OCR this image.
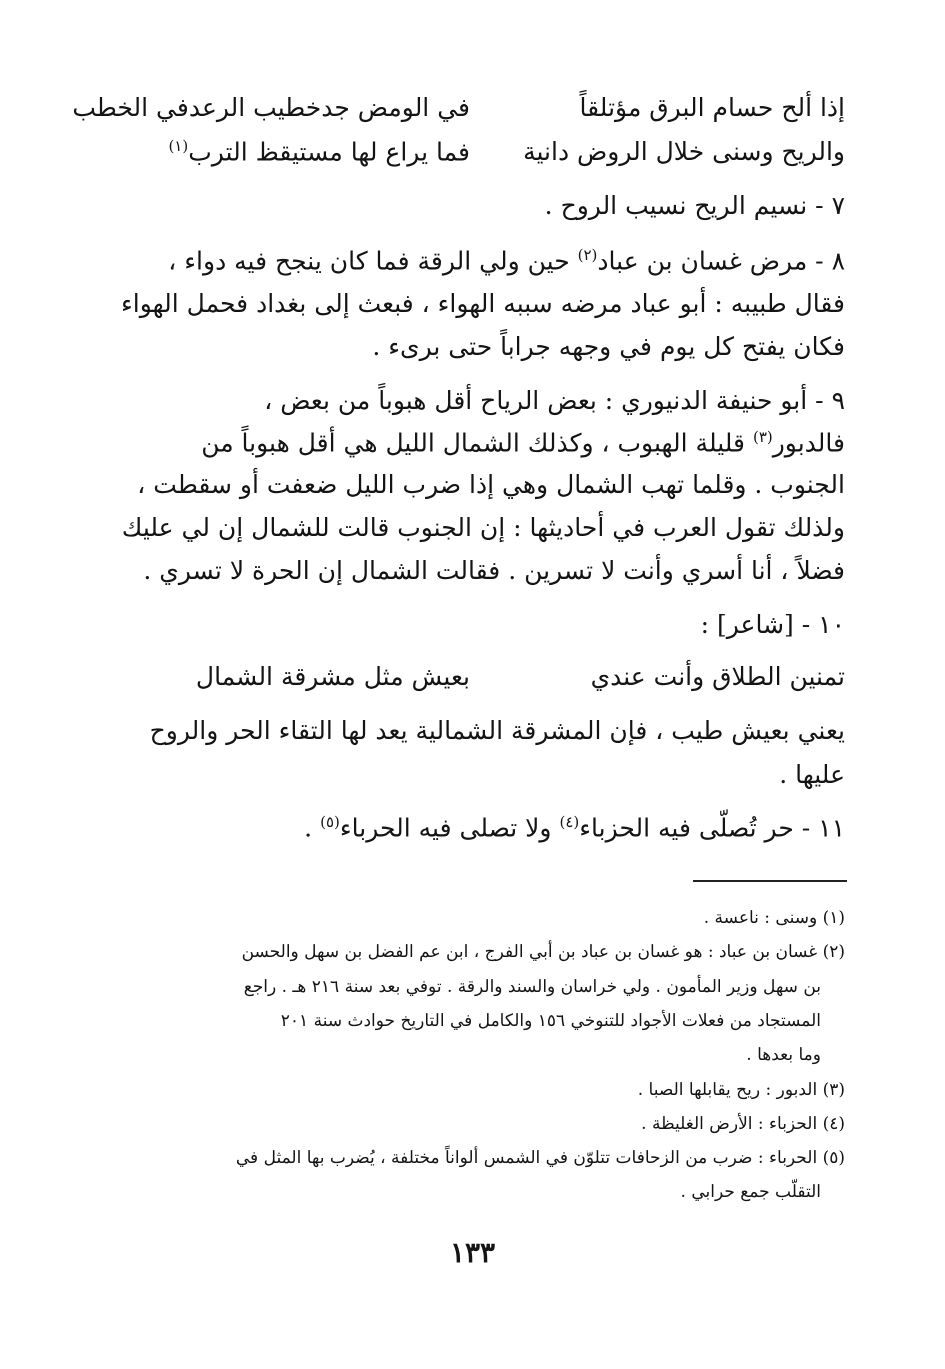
إذا ألح حسام البرق مؤتلقاً
في الومض جدخطيب الرعدفي الخطب
والريح وسنى خلال الروض دانية
فما يراع لها مستيقظ الترب$^{(١)}$
٧ - نسيم الريح نسيب الروح .
٨ - مرض غسان بن عباد$^{(٢)}$ حين ولي الرقة فما كان ينجح فيه دواء ،
فقال طبيبه : أبو عباد مرضه سببه الهواء ، فبعث إلى بغداد فحمل الهواء
فكان يفتح كل يوم في وجهه جراباً حتى برىء .
٩ - أبو حنيفة الدنيوري : بعض الرياح أقل هبوباً من بعض ،
فالدبور$^{(٣)}$ قليلة الهبوب ، وكذلك الشمال الليل هي أقل هبوباً من
الجنوب . وقلما تهب الشمال وهي إذا ضرب الليل ضعفت أو سقطت ،
ولذلك تقول العرب في أحاديثها : إن الجنوب قالت للشمال إن لي عليك
فضلاً ، أنا أسري وأنت لا تسرين . فقالت الشمال إن الحرة لا تسري .
١٠ - [شاعر] :
تمنين الطلاق وأنت عندي
بعيش مثل مشرقة الشمال
يعني بعيش طيب ، فإن المشرقة الشمالية يعد لها التقاء الحر والروح
عليها .
١١ - حر تُصلّى فيه الحزباء$^{(٤)}$ ولا تصلى فيه الحرباء$^{(٥)}$ .
(١) وسنى : ناعسة .
(٢) غسان بن عباد : هو غسان بن عباد بن أبي الفرج ، ابن عم الفضل بن سهل والحسن
بن سهل وزير المأمون . ولي خراسان والسند والرقة . توفي بعد سنة ٢١٦ هـ . راجع
المستجاد من فعلات الأجواد للتنوخي ١٥٦ والكامل في التاريخ حوادث سنة ٢٠١
وما بعدها .
(٣) الدبور : ريح يقابلها الصبا .
(٤) الحزباء : الأرض الغليظة .
(٥) الحرباء : ضرب من الزحافات تتلوّن في الشمس ألواناً مختلفة ، يُضرب بها المثل في
التقلّب جمع حرابي .
١٣٣
